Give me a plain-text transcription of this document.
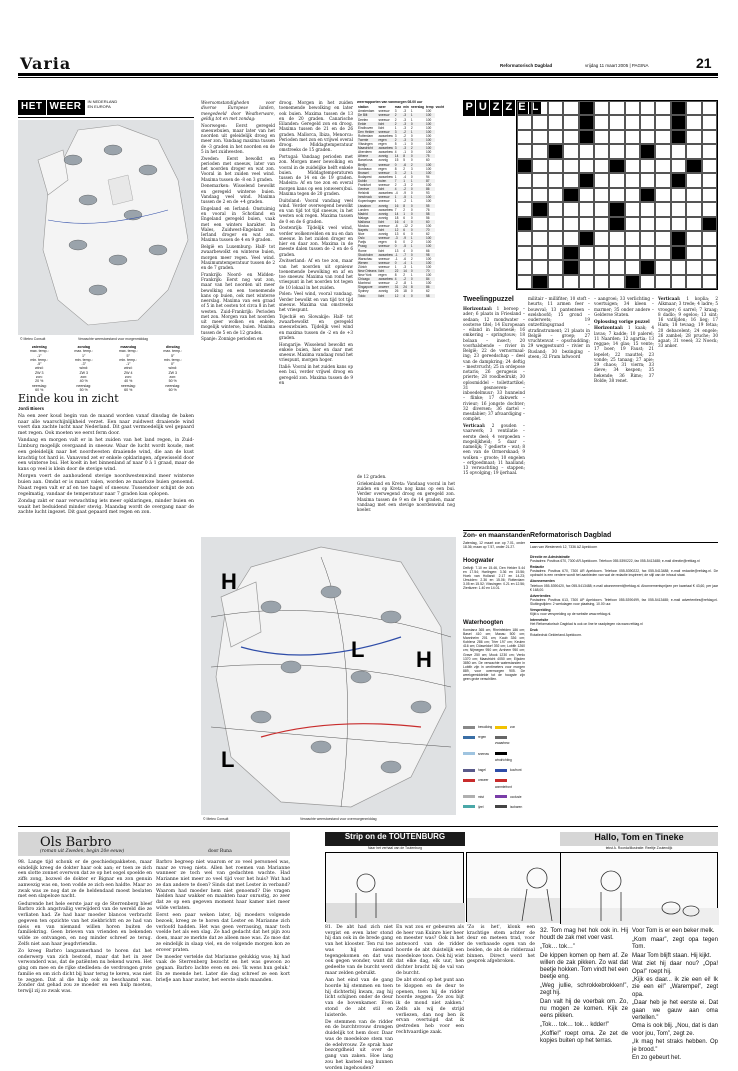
Varia	Reformatorisch Dagblad	vrijdag 11 maart 2005 | PAGINA	21
HET WEER IN NEDERLAND
EN EUROPA
© Meteo Consult	Verwachte weerstoestand voor morgenmiddag
zaterdag
max. temp.:
-1°
min. temp.:
-5°
wind:
ZW 3
zon:
20 %
neerslag:
60 %
zondag
max. temp.:
1°
min. temp.:
-3°
wind:
ZW 3
zon:
40 %
neerslag:
50 %
maandag
max. temp.:
5°
min. temp.:
-1°
wind:
ZW 4
zon:
40 %
neerslag:
60 %
dinsdag
max. temp.:
5°
min. temp.:
0°
wind:
ZW 3
zon:
50 %
neerslag:
60 %
Einde kou in zicht
Jordi Bisers

Na een zeer koud begin van de maand worden vanaf dinsdag de baken naar alle waarschijnlijkheid verzet. Een naar zuidwest draaiende wind voert dan zachte lucht naar Nederland. Dit gaat vermoedelijk wel gepaard met regen. Ook moeten we eerst ferm door.

Vandaag en morgen valt er in het zuiden van het land regen, in Zuid-Limburg mogelijk overgaand in sneeuw. Waar de lucht wordt koude, met een geleidelijk naar het noordwesten draaiende wind, die aan de kust krachtig tot hard is. Vanavond zet er enkele opklaringen, afgewisseld door een winterse bui. Het koelt in het binnenland af naar 0 à 1 graad, maar de kans op veel is klein door de stevige wind.

Morgen voert de aanhoudend stevige noordwestenwind meer winterse buien aan. Omdat er is maart valen, worden ze maarloze buien genoemd. Naast regen valt er af en toe hagel of sneeuw. Tussendoor schijnt de zon regelmatig, vandaar de temperatuur naar 7 graden kan oplopen.

Zondag zakt er naar verwachting iets meer opklaringen, minder buien en waait het beduidend minder stevig. Maandag wordt de overgang naar de zachte lucht ingezet. Dit gaat gepaard met regen en zon.

Weersomstandigheden voor diverse Europese landen, meegedeeld door Weatherware, geldig tot en met zondag:

Noorwegen: Eerst geregeld sneeuwbuien, maar later van het noorden uit geleidelijk droog en meer zon. Vandaag maxima tussen de -3 graden in het noorden en de 5 in het zuidwesten.

Zweden: Eerst bewolkt en perioden met sneeuw, later van het noorden droger en wat zon. Vooral in het zuiden veel wind. Maxima tussen de -8 en 3 graden.

Denemarken: Wisselend bewolkt en geregeld winterse buien. Vandaag veel wind. Maxima tussen de 2 en de +4 graden.

Engeland en Ierland: Onstuimig en vooral in Schotland en Engeland geregeld buien, vaak met een winters karakter. In Wales, Zuidwest-Engeland en Ierland droger en wat zon. Maxima tussen de 4 en 9 graden.

België en Luxemburg: Half- tot zwaarbewolkt en winterse buien, morgen meer regen. Veel wind. Maximumtemperatuur tussen de 2 en de 7 graden.

Frankrijk: Noord- en Midden-Frankrijk: Eerst nog wat zon, maar van het noorden uit meer bewolking en een toenemende kans op buien, ook met winterse neerslag. Maxima van een graad of 5 in het oosten tot circa 8 in het westen. Zuid-Frankrijk: Perioden met zon. Morgen van het noorden uit meer wolken en enkele, mogelijk winterse, buien. Maxima tussen de 5 en de 12 graden.

Spanje: Zonnige perioden en

droog. Morgen in het zuiden toenemende bewolking en later ook buien. Maxima tussen de 13 en de 20 graden. Canarische Eilanden: Geregeld zon en droog. Maxima tussen de 21 en de 26 graden. Mallorca, Ibiza, Menorca: Perioden met zon en vrijwel overal droog. Middagtemperatuur omstreeks de 15 graden.

Portugal: Vandaag perioden met zon. Morgen meer bewolking en vooral in de zuidelijke helft enkele buien. Middagtemperaturen tussen de 14 en de 19 graden. Madeira: Af en toe zon en overal morgen kans op een (onweers)bui. Maxima tegen de 20 graden.

Duitsland: Vooral vandaag veel wind. Verder overwegend bewolkt en van tijd tot tijd sneeuw, in het westen ook regen. Maxima tussen de 0 en de 6 graden.

Oostenrijk: Tijdelijk veel wind, verder wolkenvelden en nu en dan sneeuw. In het zuiden droger en hier en daar zon. Maxima in de meeste dalen tussen de -2 en de 6 graden.

Zwitserland: Af en toe zon, maar van het noorden uit opnieuw toenemende bewolking en af en toe sneeuw. Maxima van rond het vriespunt in het noorden tot tegen de 10 lokaal in het zuiden.

Polen: Veel wind, vooral vandaag. Verder bewolkt en van tijd tot tijd sneeuw. Maxima van omstreeks het vriespunt.

Tsjechië en Slowakije: Half- tot zwaarbewolkt en geregeld sneeuwbuien. Tijdelijk veel wind en maxima tussen de -2 en de +3 graden.

Hongarije: Wisselend bewolkt en enkele buien, hier en daar met sneeuw. Maxima vandaag rond het vriespunt, morgen hoger.

Italië: Vooral in het zuiden kans op een bui, verder vrijwel droog en geregeld zon. Maxima tussen de 9 en

weerrapporten van vanmorgen 08.00 uur
station	weer	max	min	neerslag	temp	vocht
Amsterdam	sneeuw	3	-3	1	100	
De Bilt	sneeuw	2	-3	1	100	
Deelen	sneeuw	2	-3	1	100	
Eelde	licht	2	-3	0	100	
Eindhoven	licht	1	-3	2	100	
Den Helder	sneeuw	3	-2	1	100	
Rotterdam	zwaarbew	3	-2	0	100	
Twente	regen	2	-3	3	100	
Vlissingen	regen	5	-1	0	100	
Maastricht	zwaarbew	3	-3	2	100	
Aberdeen	zwaarbew	4	-1	0	100	
Athene	zonnig	14	8	0	75	
Barcelona	zonnig	15	5	0	60	
Berlijn	sneeuw	0	-6	2	100	
Bordeaux	regen	8	2	3	100	
Brussel	sneeuw	3	-2	1	100	
Budapest	zwaarbew	1	-4	0	94	
Dublin	buien	7	1	1	87	
Frankfurt	sneeuw	2	-3	2	100	
Genève	licht	4	-2	0	86	
Helsinki	zwaarbew	-4	-9	0	93	
Innsbruck	sneeuw	1	-5	1	100	
Kopenhagen	sneeuw	1	-2	1	100	
Lissabon	zonnig	16	8	0	55	
Londen	zwaarbew	7	2	0	76	
Madrid	zonnig	14	1	0	58	
Malaga	zonnig	18	6	0	56	
Mallorca	licht	16	4	0	60	
Moskou	sneeuw	-6	-12	2	100	
Napels	licht	12	6	0	70	
Nice	zonnig	13	6	0	62	
Oslo	sneeuw	-3	-9	1	100	
Parijs	regen	6	0	2	100	
Praag	sneeuw	0	-5	1	100	
Rome	licht	13	4	0	66	
Stockholm	zwaarbew	-1	-7	0	98	
Warschau	sneeuw	-1	-6	2	100	
Wenen	sneeuw	0	-4	1	100	
Zürich	sneeuw	1	-3	1	100	
New Orleans	licht	22	14	0	70	
New York	regen	8	2	1	100	
Chicago	zwaarbew	4	-2	0	84	
Montreal	sneeuw	-2	-8	1	100	
Singapore	onweer	31	24	8	86	
Sydney	zonnig	26	18	0	62	
Tokio	licht	12	4	0	58	

de 12 graden.

Griekenland en Kreta: Vandaag vooral in het zuiden en op Kreta nog kans op een bui. Verder overwegend droog en geregeld zon. Maxima tussen de 9 en de 14 graden, maar vandaag met een stevige noordenwind nog koeler.

H
H
L
L
© Meteo Consult	Verwachte weerstoestand voor overmorgenmiddag
P U Z Z E L
Tweelingpuzzel

Horizontaal: 1 beroep – ader; 6 plaats in Friesland – sedaan; 12 mondwater – oosterse titel; 14 Europeaan – eiland in Indonesië; 16 omkering – springtouw; 18 bolaan – insect; 20 voorhalsbende – rivier in België; 22 de vernormaal-ing; 23 gereedschap – deel van de dampkring; 24 deftig – mestvrucht; 25 in ordepose notaris; 26 gerugesis – prierte; 28 roodbedrukt; 30 oplosmiddel – toilettartikel; 31 gesnoeven- – inboedelmuur; 33 hunneind – flinke; 17 dakwerk – rivieur; 16 jongste dochter; 32 diversen; 36 dartel – mesdabier; 37 afvaardiging – complet.

Verticaal: 2 gouden – vaarwerk; 3 ventilatie – eerste deel; 4 vergoeden – mogelijkheid; 5 daar – namelijk; 7 gedierte – wat; 8 een van de Ormerskaad; 9 wolken – groote; 10 engelen – erfgoedmaat; 11 haalland; 13 verwachting – stappen; 15 opvolging; 19 ijerhaal.

militair – millifiter; 10 stoft – heurts; 11 armen feer – bouwval; 13 pantenteen – ezelshoofd; 15 grond – ouderwets; 19 ontzettingsgraad – strafinstrument; 21 plaats in België – groep; 27 vruchtenvat – opschudding; 29 weggestuurd – rivier in Rusland; 30 bezinging – steen; 32 Fram lafwoord

– aangroei; 33 verlichting – voertuigen; 34 kleen – marmer; 35 onder andere – Gelderse Staten.

Oplossing vorige puzzel

Horizontaal: 1 kaak; 4 lavas; 7 kadde; 10 palerel; 11 Naarden; 12 agartia; 13 reggae; 14 glas; 15 vente; 17 boer; 19 Faust; 21 lepelet; 22 raauttel; 23 vonde; 25 tanaag; 27 apie; 29 chaos; 31 vierm; 33 dieve; 34 kespen; 35 hekende; 36 Rimo; 37 Bolde; 38 renet.

Verticaal: 1 koplia; 2 Alkmaar; 3 trede; 4 ladre; 5 vrooger; 6 sarrel; 7 kraag; 8 dadlo; 9 egeloo; 13 sint; 16 vatlijden; 16 lieg; 17 Ham; 18 tevaag; 19 fetaa; 20 debacelent; 24 engele; 26 zambel; 28 pruche; 30 agaat; 31 veeel; 32 Noeck; 33 anker.

Zon- en maanstanden
Zaterdag, 12 maart zon op 7.01, onder 18.36; maan op 7.57, onder 21.27.
Hoogwater
Delfzijl: 7.10 en 15.46, Den Helder 5.44 en 17.54; Harlingen: 3.36 en 15.56; Hoek van Holland: 2.17 en 14.23; IJmuiden: 2.36 en 15.06; Rotterdam: 3.05 en 15.52; Vlissingen: 0.21 en 12.56; Zierikzee: 1.40 en 14.01.
Waterhoogten
Konstanz 365 cm, Rheinfelden 186 cm; Basel 410 cm; Maxau 500 cm; Mannheim 201 cm; Kaub 336 cm; Koblenz 286 cm; Trier 197 cm; Keulen 416 cm; Düsseldorf 392 cm; Lobith 1260 cm; Nijmegen 950 cm; Arnhem 950 cm; Grave 250 cm; Mook 1230 cm; Venlo 1370 cm; Maastricht 4050 cm; Eijsden 3850 cm. De verwachte waterstanden in Lobith zijn in centimeters voor morgen 889, voor overmorgen 905. De weekgemiddelde tot de hoogste zijn geen grote verschillen.
bewolking	zon
regen
zwaarbew.
sneeuw
windrichting
hagel	koufront
onweer
warmtefront
mist	occlusie
ijzel	isobaren
Reformatorisch Dagblad
Laan van Westenenk 12, 7336 AZ Apeldoorn
Directie en Administratie
Postadres: Postbus 670, 7300 AR Apeldoorn. Telefoon 055-5390222, fax 055-5413488; e-mail directie@refdag.nl
Redactie
Postadres: Postbus 670, 7300 AR Apeldoorn. Telefoon 055-5390222, fax 055-5413488; e-mail redactie@refdag.nl. De opdracht is een verdere wordt het aanbieden van wat de redactie inspireert; de stijl van de inhoud staat.
Abonnementen
Telefoon 055-5390420, fax 055-5413488; e-mail abonnement@refdag.nl. Abonnementsprijzen per kwartaal € 43,60, per jaar € 168,00.
Advertenties
Postadres: Postbus 613, 7300 AP Apeldoorn. Telefoon 055-5390499, fax 055-5413488; e-mail advertenties@refdag.nl. Sluitingstijden: 2 werkdagen voor plaatsing, 10.00 uur.
Verspreiding
Kijkt u voor verspreiding op de website www.refdag.nl.
Internetsite
Het Reformatorisch Dagblad is ook on line te raadplegen via www.refdag.nl
Druk
Rotatiedruk Gelderland Apeldoorn.
Ols Barbro
(roman uit Zweden, begin 20e eeuw)	door Runa

98. Lange tijd schonk er de geschiedspakketen, maar eindelijk kreeg de dokter haar ook aan; er toen ze zich een slotte zonnet overwon dat ze op het oogel spoelde en ziffs zong, bozwel de dokter er Bignar en zon genuin aanwezig was en, toen vodde ze zich een haldte. Maar zo zwak was ze nog dat ze de heldendaad moest beslaten met een slapeloze nacht.

Gedurende het hele eerste jaar op de Sterrenberg bleef Barbro zich angstvallig verwijderd van de wereld die ze verliaten had. Ze had haar moeder blancos verbracht gegeven ten opzichte van het ziekbrichtt en ze had van nieis en van niemand willen horen buiten de familiekring. Geen brieven van vrienden en bekenden wilde ze ontvangen, en nog minder schreef ze terug. Zelfs niet aan haar jeugdvriendin.

Zo kreeg Barbro langzamerhand te horen dat het onderwerp van zich bestond, maar dat het in zeer verwonderd was, dat de patiënten nu bekend waren. Het ging om mee en de rijke stedleden: de verdrongen grote familie en om zich dicht bij haar terug te keren, was niet te zeggen. Dat al die hulp ook zo beschaamd was. Zonder dat gehad zou ze moeder en een hulp moeten, terwijl zij zo zwak was.

Barbro begreep niet waarom er zo veel personeel was, maar ze vroeg niets. Allen het roemen van Marianne wanneer ze toch wel van gedachten wachte. Had Marianne niet meer zo veel tijd voor het huis? Wat had ze dan andere te doen? Sinds dat met Lester in verband? Waarom had moeder hem niet genoemd? Die vragen hielden haar wakker en maakten haar onrustig, zo zeer dat ze op een gegeven moment haar kamer niet meer wilde verlaten.

Eerst een paar weken later, bij moeders volgende bezoek, kreeg ze te horen dat Lester en Marianne zich verloofd hadden. Het was geen verrassing, maar toch voelde het als een slag. Ze had gedacht dat het pijn zou doen, maar ze merkte dat ze alleen moe was. Zo moe dat ze eindelijk in slaap viel, en de volgende morgen kon ze erover praten.

De moeder vertelde dat Marianne gelukkig was; hij had vaak de Sterrenberg bezocht en het was gewoon zo gegaan. Barbro lachte even en zei: 'Ik wens hun geluk.' En ze meende het. Later die dag schreef ze een kort briefje aan haar zuster, het eerste sinds maanden.

Strip on de TOUTENBURG
Naar het verhaal van de Toutenburg

81. De abt had zich niet vergist en even later stond hij dan ook in de brede gang van het klooster. Ten rui toe was hij niemand tegengekomen en dat was ook gegen wonder, want dit gedeelte van de burcht werd maar zelden gebruikt.

Aan het eind van de gang hoorde hij stemmen en toen hij dichterbij kwam, zag hij licht schijnen onder de deur van de bovenkamer. Even stond de abt stil en luisterde.

De stemmen van de ridder en de burchtvrouw drongen duidelijk tot hem door. Daar was de moedeloze stem van de edelvrouw. Ze sprak haar bezorgdheid uit over de gang van zaken. Hoe lang zou het kasteel nog kunnen worden ingehouden?

En wat zou er gebeuren als de heer van Kuinre hier heer en meester was? Ook in het antwoord van de ridder hoorde de abt duistelijk een moedeloze toon. Ook hij wist dat elke dag, elk uur, hen dichter bracht bij de val van de burcht.

De abt stond op het punt aan te kloppen en de deur te openen, toen hij de ridder hoorde zeggen: 'Ze zou bijt ik de mond niet zakken.' Zelfs als wij de strijd verliezen, dan nog ben ik ervan overtuigd dat ik gestreden heb voor een rechtvaardige zaak.

'Zo is het', klonk een krachtige stem achter de deur en meteen trad, voor de verbaasde ogen van de beiden, de abt de ridderzaal binnen. Direct werd het gesprek afgebroken.

Hallo, Tom en Tineke
tekst A. Roorda/illustratie: Reeltje Zoutendijk

32. Tom mag het hok ook in. Hij houdt de zak met voer vast.

„Tok… tok…”

De kippen komen op hem af. Ze willen de zak pikken. Zo wat dat beetje hokken. Tom vindt het een beetje eng.

„Weg jullie, schrokkebrokken!”, zegt hij.

Dan valt hij de voerbak om. Zo, nu mogen ze komen. Kijk ze eens pikken.

„Tok… tok… tok… kdder!”

„Koffie!” roept oma. Ze zet de kopjes buiten op het terras.

Voor Tom is er een beker melk.

„Kom maar”, zegt opa tegen Tom.

Maar Tom blijft staan. Hij kijkt.

Wat ziet hij daar nou? „Opa! Opa!” roept hij.

„Kijk es daar... ik zie een ei! Ik zie een ei!” „Warempel”, zegt opa.

„Daar heb je het eerste ei. Dat gaan we gauw aan oma vertellen.”

Oma is ook blij. „Nou, dat is dan voor jou, Tom”, zegt ze.

„Ik mag het straks hebben. Op je brood.”

En zo gebeurt het.
